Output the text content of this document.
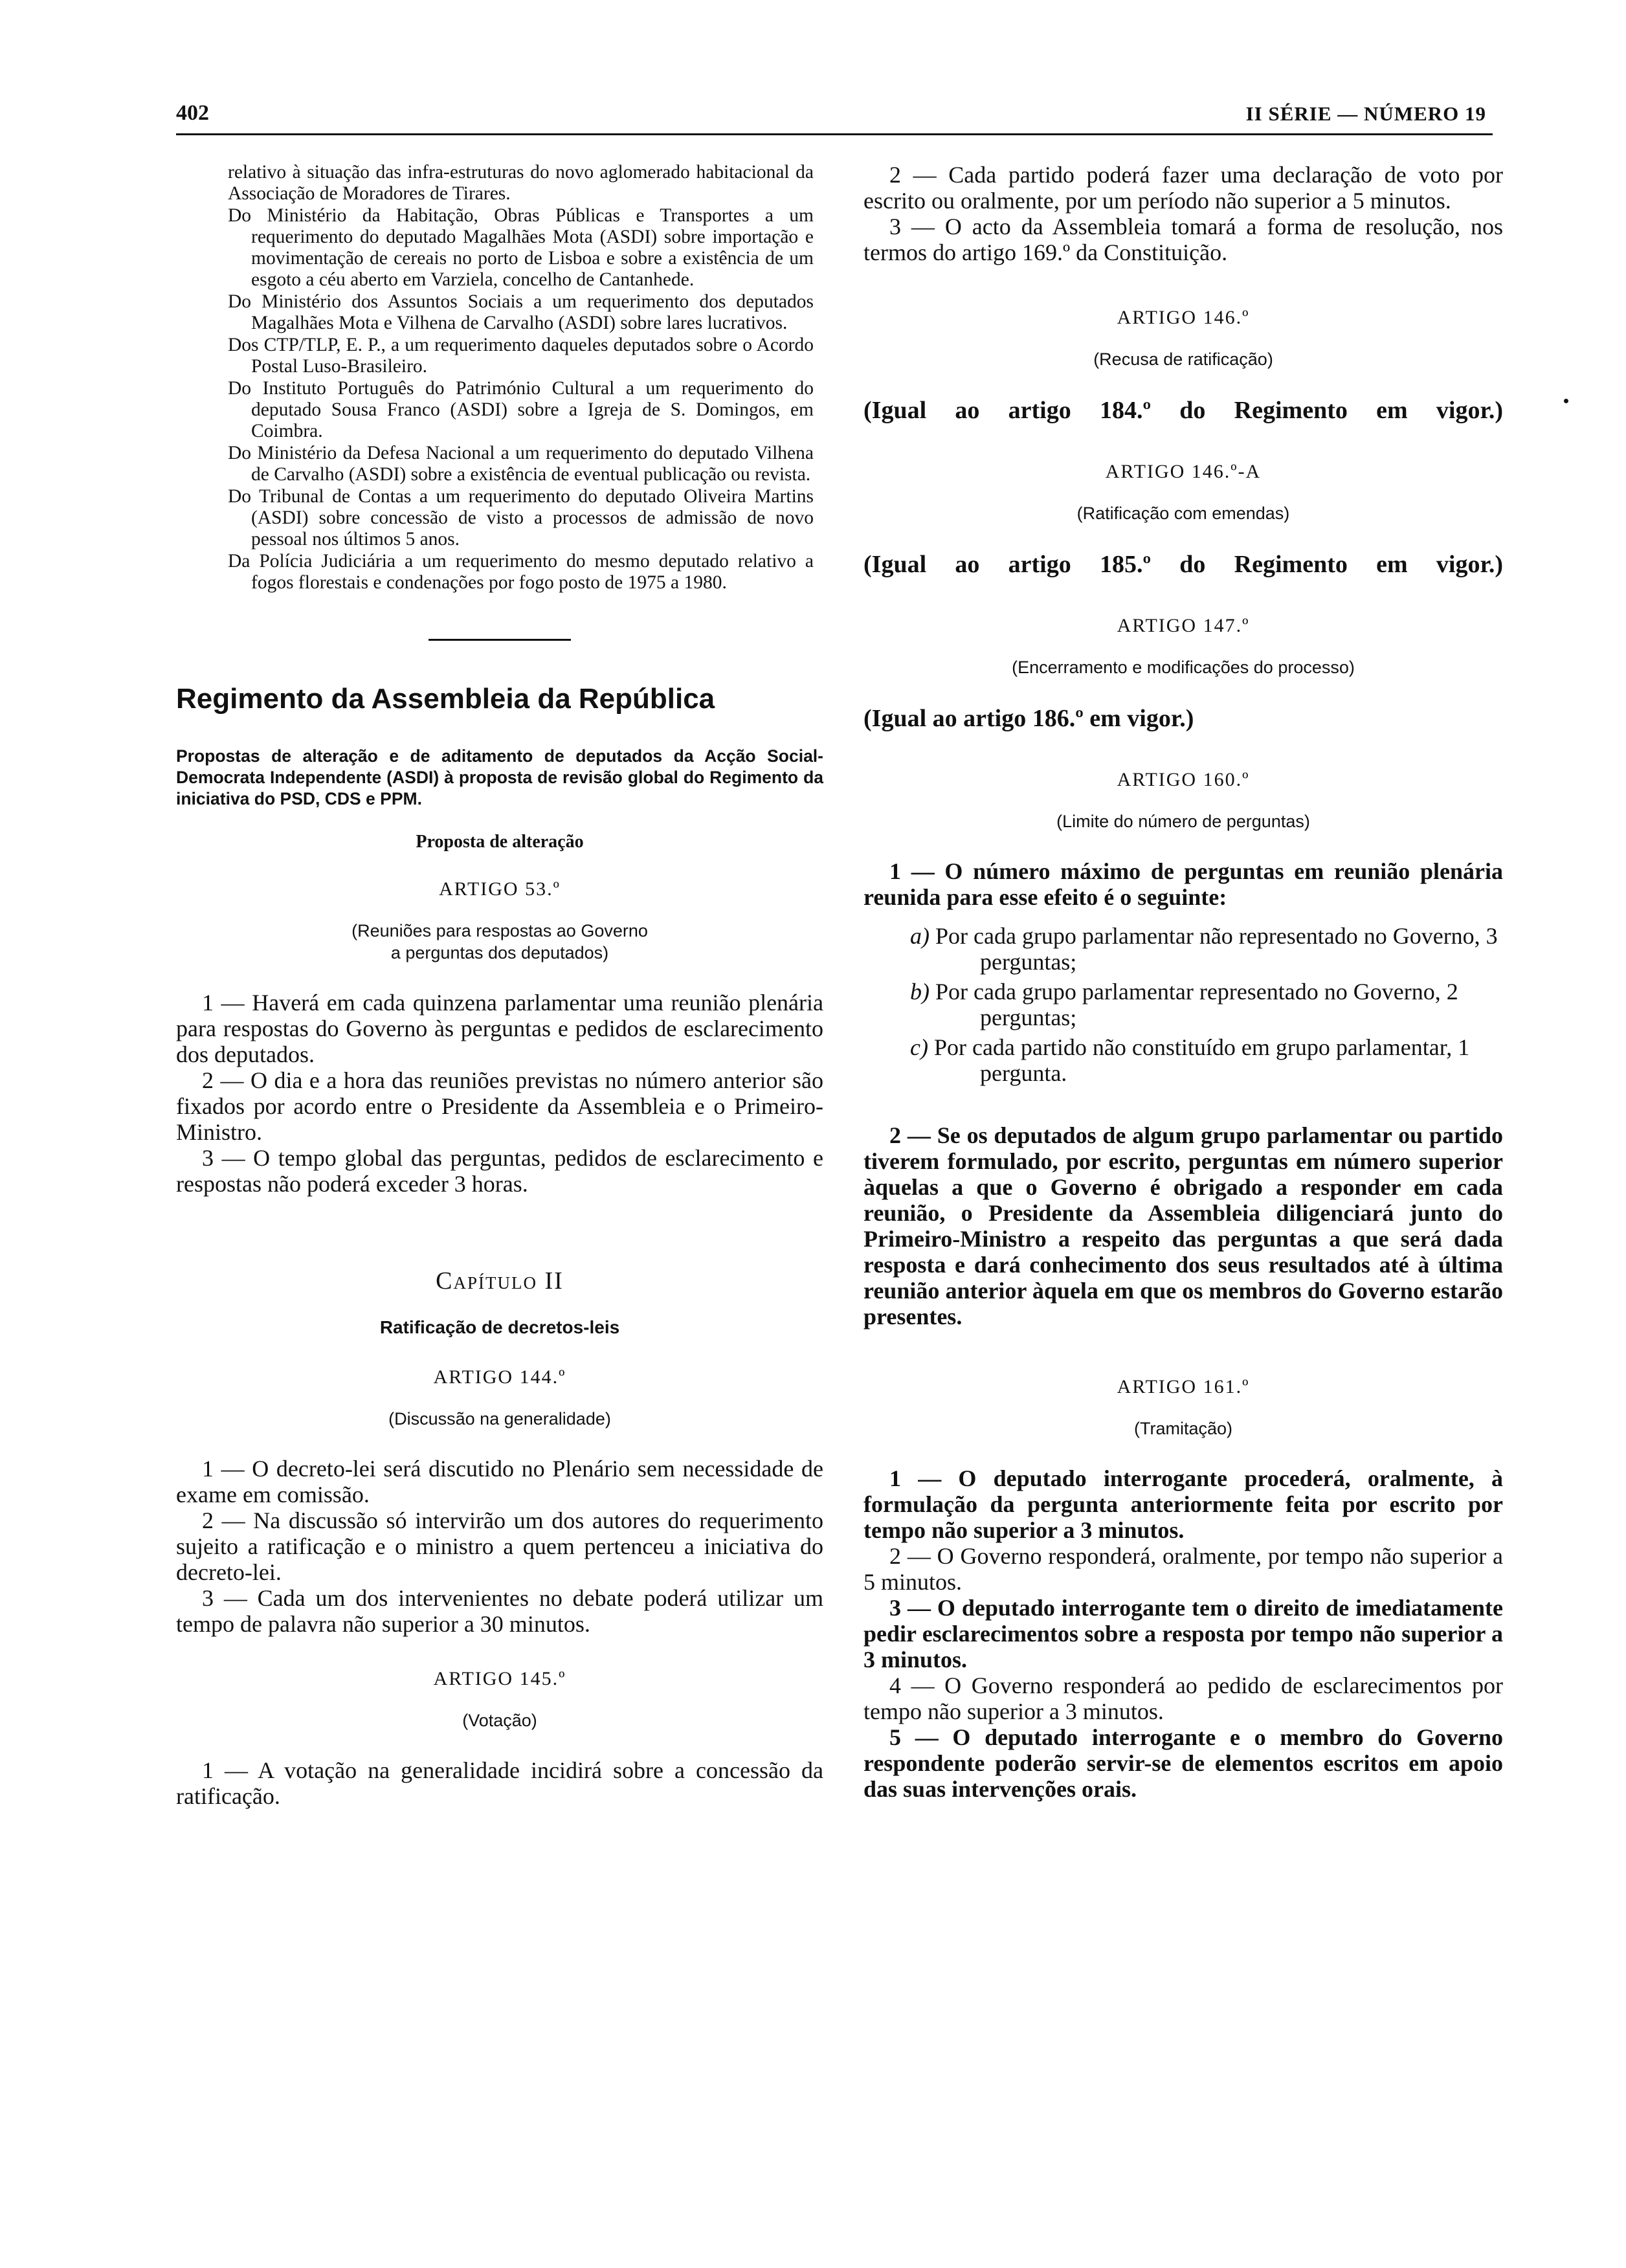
402	II SÉRIE — NÚMERO 19

relativo à situação das infra-estruturas do novo aglomerado habitacional da Associação de Moradores de Tirares.

Do Ministério da Habitação, Obras Públicas e Transportes a um requerimento do deputado Magalhães Mota (ASDI) sobre importação e movimentação de cereais no porto de Lisboa e sobre a existência de um esgoto a céu aberto em Varziela, concelho de Cantanhede.

Do Ministério dos Assuntos Sociais a um requerimento dos deputados Magalhães Mota e Vilhena de Carvalho (ASDI) sobre lares lucrativos.

Dos CTP/TLP, E. P., a um requerimento daqueles deputados sobre o Acordo Postal Luso-Brasileiro.

Do Instituto Português do Património Cultural a um requerimento do deputado Sousa Franco (ASDI) sobre a Igreja de S. Domingos, em Coimbra.

Do Ministério da Defesa Nacional a um requerimento do deputado Vilhena de Carvalho (ASDI) sobre a existência de eventual publicação ou revista.

Do Tribunal de Contas a um requerimento do deputado Oliveira Martins (ASDI) sobre concessão de visto a processos de admissão de novo pessoal nos últimos 5 anos.

Da Polícia Judiciária a um requerimento do mesmo deputado relativo a fogos florestais e condenações por fogo posto de 1975 a 1980.

Regimento da Assembleia da República

Propostas de alteração e de aditamento de deputados da Acção Social-Democrata Independente (ASDI) à proposta de revisão global do Regimento da iniciativa do PSD, CDS e PPM.

Proposta de alteração

ARTIGO 53.º

(Reuniões para respostas ao Governo
a perguntas dos deputados)

1 — Haverá em cada quinzena parlamentar uma reunião plenária para respostas do Governo às perguntas e pedidos de esclarecimento dos deputados.

2 — O dia e a hora das reuniões previstas no número anterior são fixados por acordo entre o Presidente da Assembleia e o Primeiro-Ministro.

3 — O tempo global das perguntas, pedidos de esclarecimento e respostas não poderá exceder 3 horas.

Capítulo II

Ratificação de decretos-leis

ARTIGO 144.º

(Discussão na generalidade)

1 — O decreto-lei será discutido no Plenário sem necessidade de exame em comissão.

2 — Na discussão só intervirão um dos autores do requerimento sujeito a ratificação e o ministro a quem pertenceu a iniciativa do decreto-lei.

3 — Cada um dos intervenientes no debate poderá utilizar um tempo de palavra não superior a 30 minutos.

ARTIGO 145.º

(Votação)

1 — A votação na generalidade incidirá sobre a concessão da ratificação.

2 — Cada partido poderá fazer uma declaração de voto por escrito ou oralmente, por um período não superior a 5 minutos.

3 — O acto da Assembleia tomará a forma de resolução, nos termos do artigo 169.º da Constituição.

ARTIGO 146.º

(Recusa de ratificação)

(Igual ao artigo 184.º do Regimento em vigor.)

ARTIGO 146.º-A

(Ratificação com emendas)

(Igual ao artigo 185.º do Regimento em vigor.)

ARTIGO 147.º

(Encerramento e modificações do processo)

(Igual ao artigo 186.º em vigor.)

ARTIGO 160.º

(Limite do número de perguntas)

1 — O número máximo de perguntas em reunião plenária reunida para esse efeito é o seguinte:

a) Por cada grupo parlamentar não representado no Governo, 3 perguntas;

b) Por cada grupo parlamentar representado no Governo, 2 perguntas;

c) Por cada partido não constituído em grupo parlamentar, 1 pergunta.

2 — Se os deputados de algum grupo parlamentar ou partido tiverem formulado, por escrito, perguntas em número superior àquelas a que o Governo é obrigado a responder em cada reunião, o Presidente da Assembleia diligenciará junto do Primeiro-Ministro a respeito das perguntas a que será dada resposta e dará conhecimento dos seus resultados até à última reunião anterior àquela em que os membros do Governo estarão presentes.

ARTIGO 161.º

(Tramitação)

1 — O deputado interrogante procederá, oralmente, à formulação da pergunta anteriormente feita por escrito por tempo não superior a 3 minutos.

2 — O Governo responderá, oralmente, por tempo não superior a 5 minutos.

3 — O deputado interrogante tem o direito de imediatamente pedir esclarecimentos sobre a resposta por tempo não superior a 3 minutos.

4 — O Governo responderá ao pedido de esclarecimentos por tempo não superior a 3 minutos.

5 — O deputado interrogante e o membro do Governo respondente poderão servir-se de elementos escritos em apoio das suas intervenções orais.
